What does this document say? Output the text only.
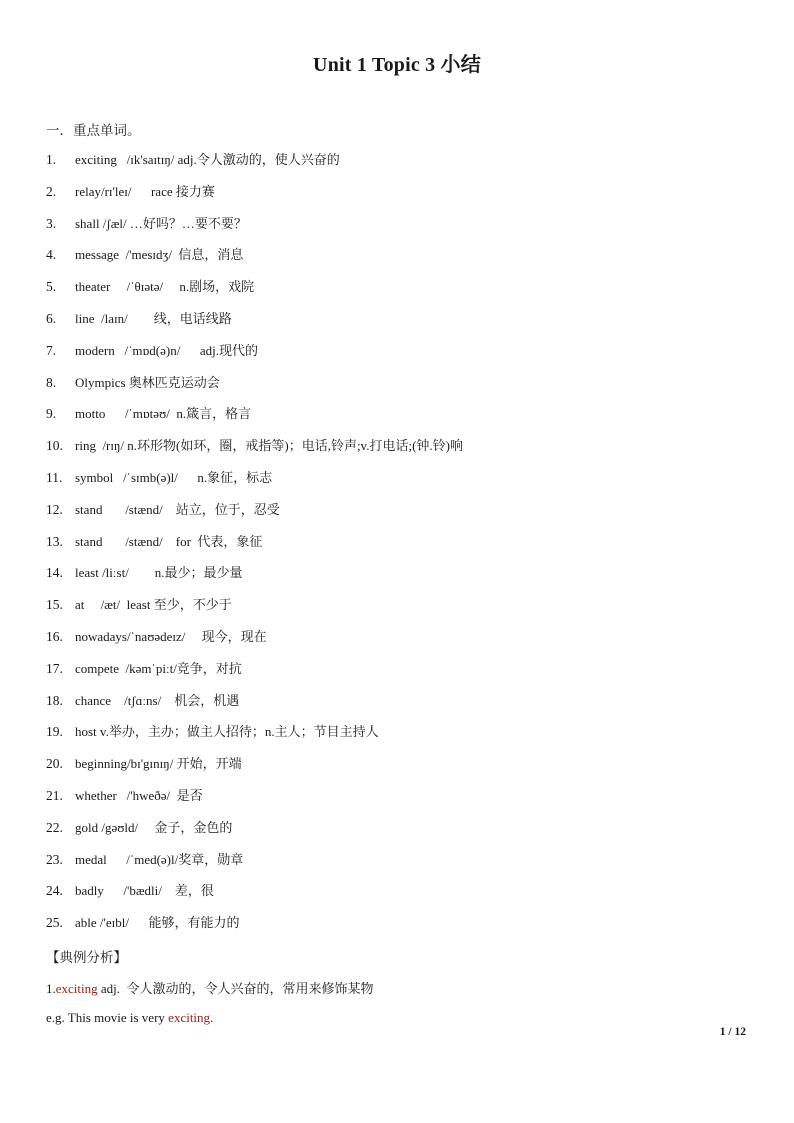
Unit 1 Topic 3 小结
一．重点单词。
1.	exciting   /ɪk'saɪtɪŋ/ adj.令人激动的，使人兴奋的
2.	relay/rɪ'leɪ/      race 接力赛
3.	shall /ʃæl/ …好吗？…要不要？
4.	message  /'mesɪdʒ/  信息，消息
5.	theater     /ˈθɪətə/     n.剧场，戏院
6.	line  /laɪn/        线，电话线路
7.	modern   /ˈmɒd(ə)n/      adj.现代的
8.	Olympics 奥林匹克运动会
9.	motto      /ˈmɒtəʊ/  n.箴言，格言
10. ring  /rɪŋ/ n.环形物(如环，圈，戒指等)；电话,铃声;v.打电话;(钟.铃)响
11. symbol   /ˈsɪmb(ə)l/      n.象征，标志
12. stand       /stænd/    站立，位于，忍受
13. stand       /stænd/    for  代表，象征
14. least /liːst/        n.最少；最少量
15. at     /æt/  least 至少，不少于
16. nowadays/ˈnaʊədeɪz/     现今，现在
17. compete  /kəmˈpiːt/竞争，对抗
18. chance    /tʃɑːns/    机会，机遇
19. host v.举办，主办；做主人招待；n.主人；节目主持人
20. beginning/bɪ'gɪnɪŋ/ 开始，开端
21. whether   /'hweðə/  是否
22. gold /gəʊld/     金子，金色的
23. medal      /ˈmed(ə)l/奖章，勋章
24. badly      /'bædli/    差，很
25. able /'eɪbl/      能够，有能力的
【典例分析】
1.exciting adj.  令人激动的，令人兴奋的，常用来修饰某物
e.g. This movie is very exciting.
1 / 12
